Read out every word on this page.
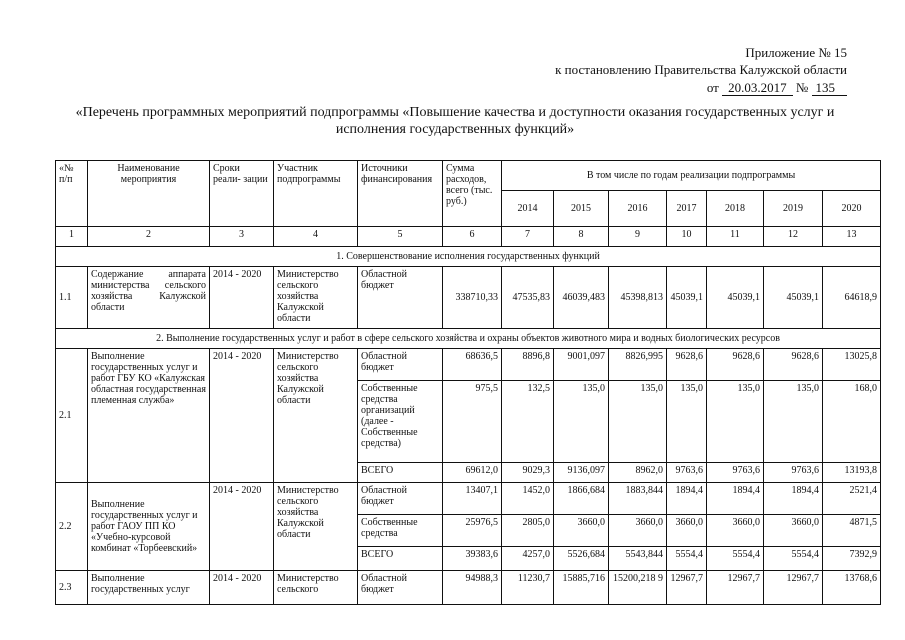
Приложение № 15
к постановлению Правительства Калужской области
от 20.03.2017 № 135
«Перечень программных мероприятий подпрограммы «Повышение качества и доступности оказания государственных услуг и
исполнения государственных функций»
«№ п/п	Наименование мероприятия	Сроки реали- зации	Участник подпрограммы	Источники финансирования	Сумма расходов, всего (тыс. руб.)	В том числе по годам реализации подпрограммы						
						2014	2015	2016	2017	2018	2019	2020
1	2	3	4	5	6	7	8	9	10	11	12	13
1. Совершенствование исполнения государственных функций												
1.1	Содержание аппарата министерства сельского хозяйства Калужской области	2014 - 2020	Министерство сельского хозяйства Калужской области	Областной бюджет	338710,33	47535,83	46039,483	45398,813	45039,1	45039,1	45039,1	64618,9
2. Выполнение государственных услуг и работ в сфере сельского хозяйства и охраны объектов животного мира и водных биологических ресурсов												
2.1	Выполнение государственных услуг и работ ГБУ КО «Калужская областная государственная племенная служба»	2014 - 2020	Министерство сельского хозяйства Калужской области	Областной бюджет	68636,5	8896,8	9001,097	8826,995	9628,6	9628,6	9628,6	13025,8
				Собственные средства организаций (далее - Собственные средства)	975,5	132,5	135,0	135,0	135,0	135,0	135,0	168,0
				ВСЕГО	69612,0	9029,3	9136,097	8962,0	9763,6	9763,6	9763,6	13193,8
2.2	Выполнение государственных услуг и работ ГАОУ ПП КО «Учебно-курсовой комбинат «Торбеевский»	2014 - 2020	Министерство сельского хозяйства Калужской области	Областной бюджет	13407,1	1452,0	1866,684	1883,844	1894,4	1894,4	1894,4	2521,4
				Собственные средства	25976,5	2805,0	3660,0	3660,0	3660,0	3660,0	3660,0	4871,5
				ВСЕГО	39383,6	4257,0	5526,684	5543,844	5554,4	5554,4	5554,4	7392,9
2.3	Выполнение государственных услуг	2014 - 2020	Министерство сельского	Областной бюджет	94988,3	11230,7	15885,716	15200,218 9	12967,7	12967,7	12967,7	13768,6
